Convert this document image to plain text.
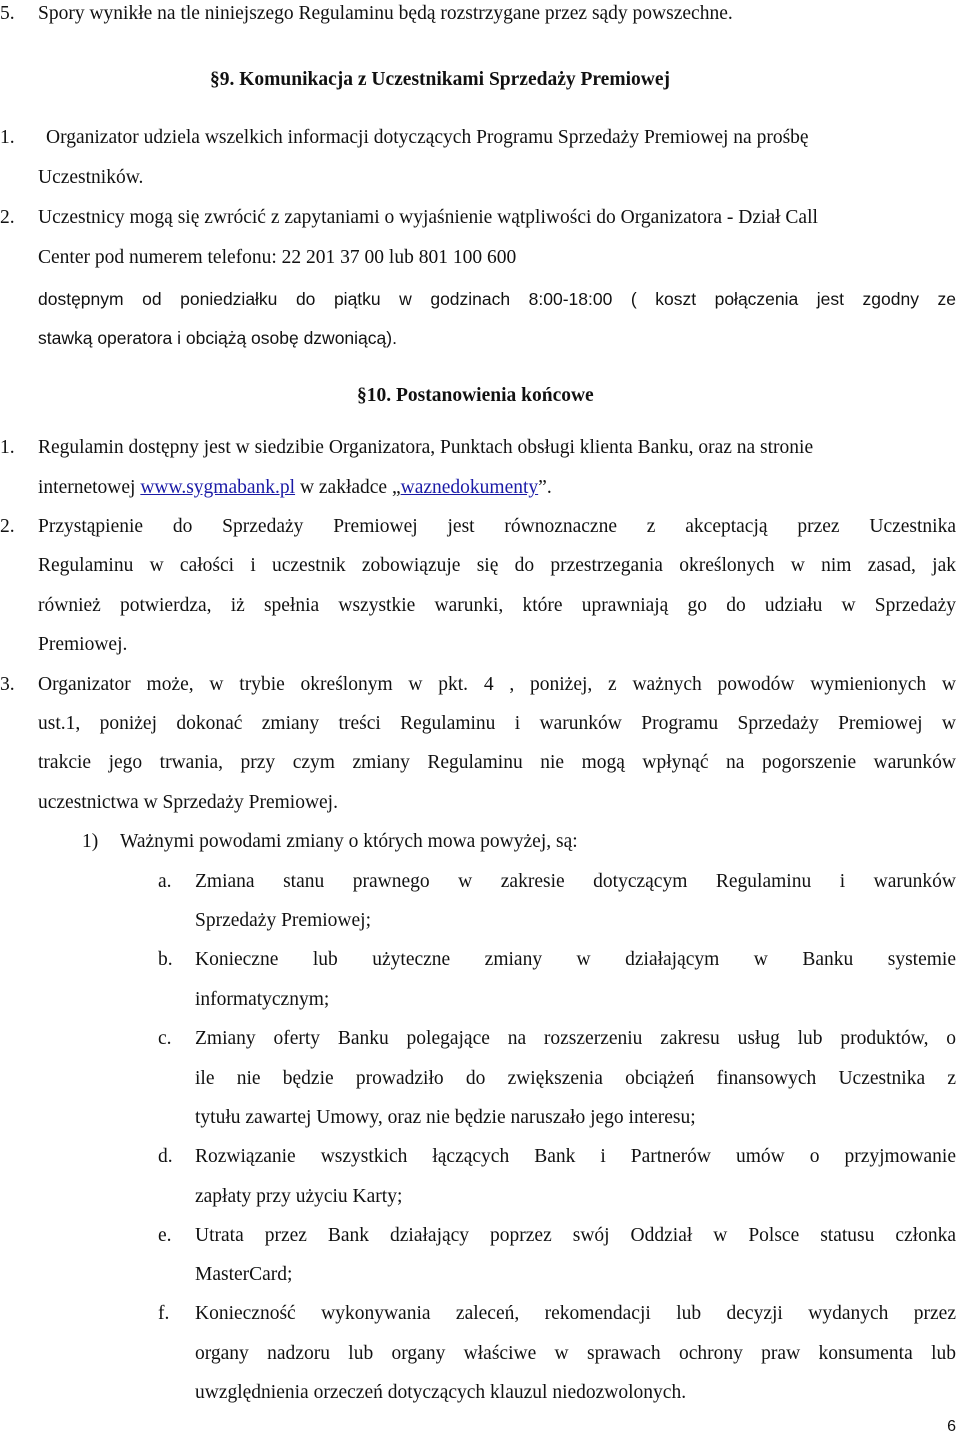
5. Spory wynikłe na tle niniejszego Regulaminu będą rozstrzygane przez sądy powszechne.
§9. Komunikacja z Uczestnikami Sprzedaży Premiowej
1. Organizator udziela wszelkich informacji dotyczących Programu Sprzedaży Premiowej na prośbę
Uczestników.
2. Uczestnicy mogą się zwrócić z zapytaniami o wyjaśnienie wątpliwości do Organizatora - Dział Call
Center pod numerem telefonu: 22 201 37 00 lub 801 100 600
dostępnym od poniedziałku do piątku w godzinach 8:00-18:00 ( koszt połączenia jest zgodny ze
stawką operatora i obciążą osobę dzwoniącą).
§10. Postanowienia końcowe
1. Regulamin dostępny jest w siedzibie Organizatora, Punktach obsługi klienta Banku, oraz na stronie
internetowej www.sygmabank.pl w zakładce „waznedokumenty”.
2. Przystąpienie do Sprzedaży Premiowej jest równoznaczne z akceptacją przez Uczestnika
Regulaminu w całości i uczestnik zobowiązuje się do przestrzegania określonych w nim zasad, jak
również potwierdza, iż spełnia wszystkie warunki, które uprawniają go do udziału w Sprzedaży
Premiowej.
3. Organizator może, w trybie określonym w pkt. 4 , poniżej, z ważnych powodów wymienionych w
ust.1, poniżej dokonać zmiany treści Regulaminu i warunków Programu Sprzedaży Premiowej w
trakcie jego trwania, przy czym zmiany Regulaminu nie mogą wpłynąć na pogorszenie warunków
uczestnictwa w Sprzedaży Premiowej.
1) Ważnymi powodami zmiany o których mowa powyżej, są:
a. Zmiana stanu prawnego w zakresie dotyczącym Regulaminu i warunków
Sprzedaży Premiowej;
b. Konieczne lub użyteczne zmiany w działającym w Banku systemie
informatycznym;
c. Zmiany oferty Banku polegające na rozszerzeniu zakresu usług lub produktów, o
ile nie będzie prowadziło do zwiększenia obciążeń finansowych Uczestnika z
tytułu zawartej Umowy, oraz nie będzie naruszało jego interesu;
d. Rozwiązanie wszystkich łączących Bank i Partnerów umów o przyjmowanie
zapłaty przy użyciu Karty;
e. Utrata przez Bank działający poprzez swój Oddział w Polsce statusu członka
MasterCard;
f. Konieczność wykonywania zaleceń, rekomendacji lub decyzji wydanych przez
organy nadzoru lub organy właściwe w sprawach ochrony praw konsumenta lub
uwzględnienia orzeczeń dotyczących klauzul niedozwolonych.
6
